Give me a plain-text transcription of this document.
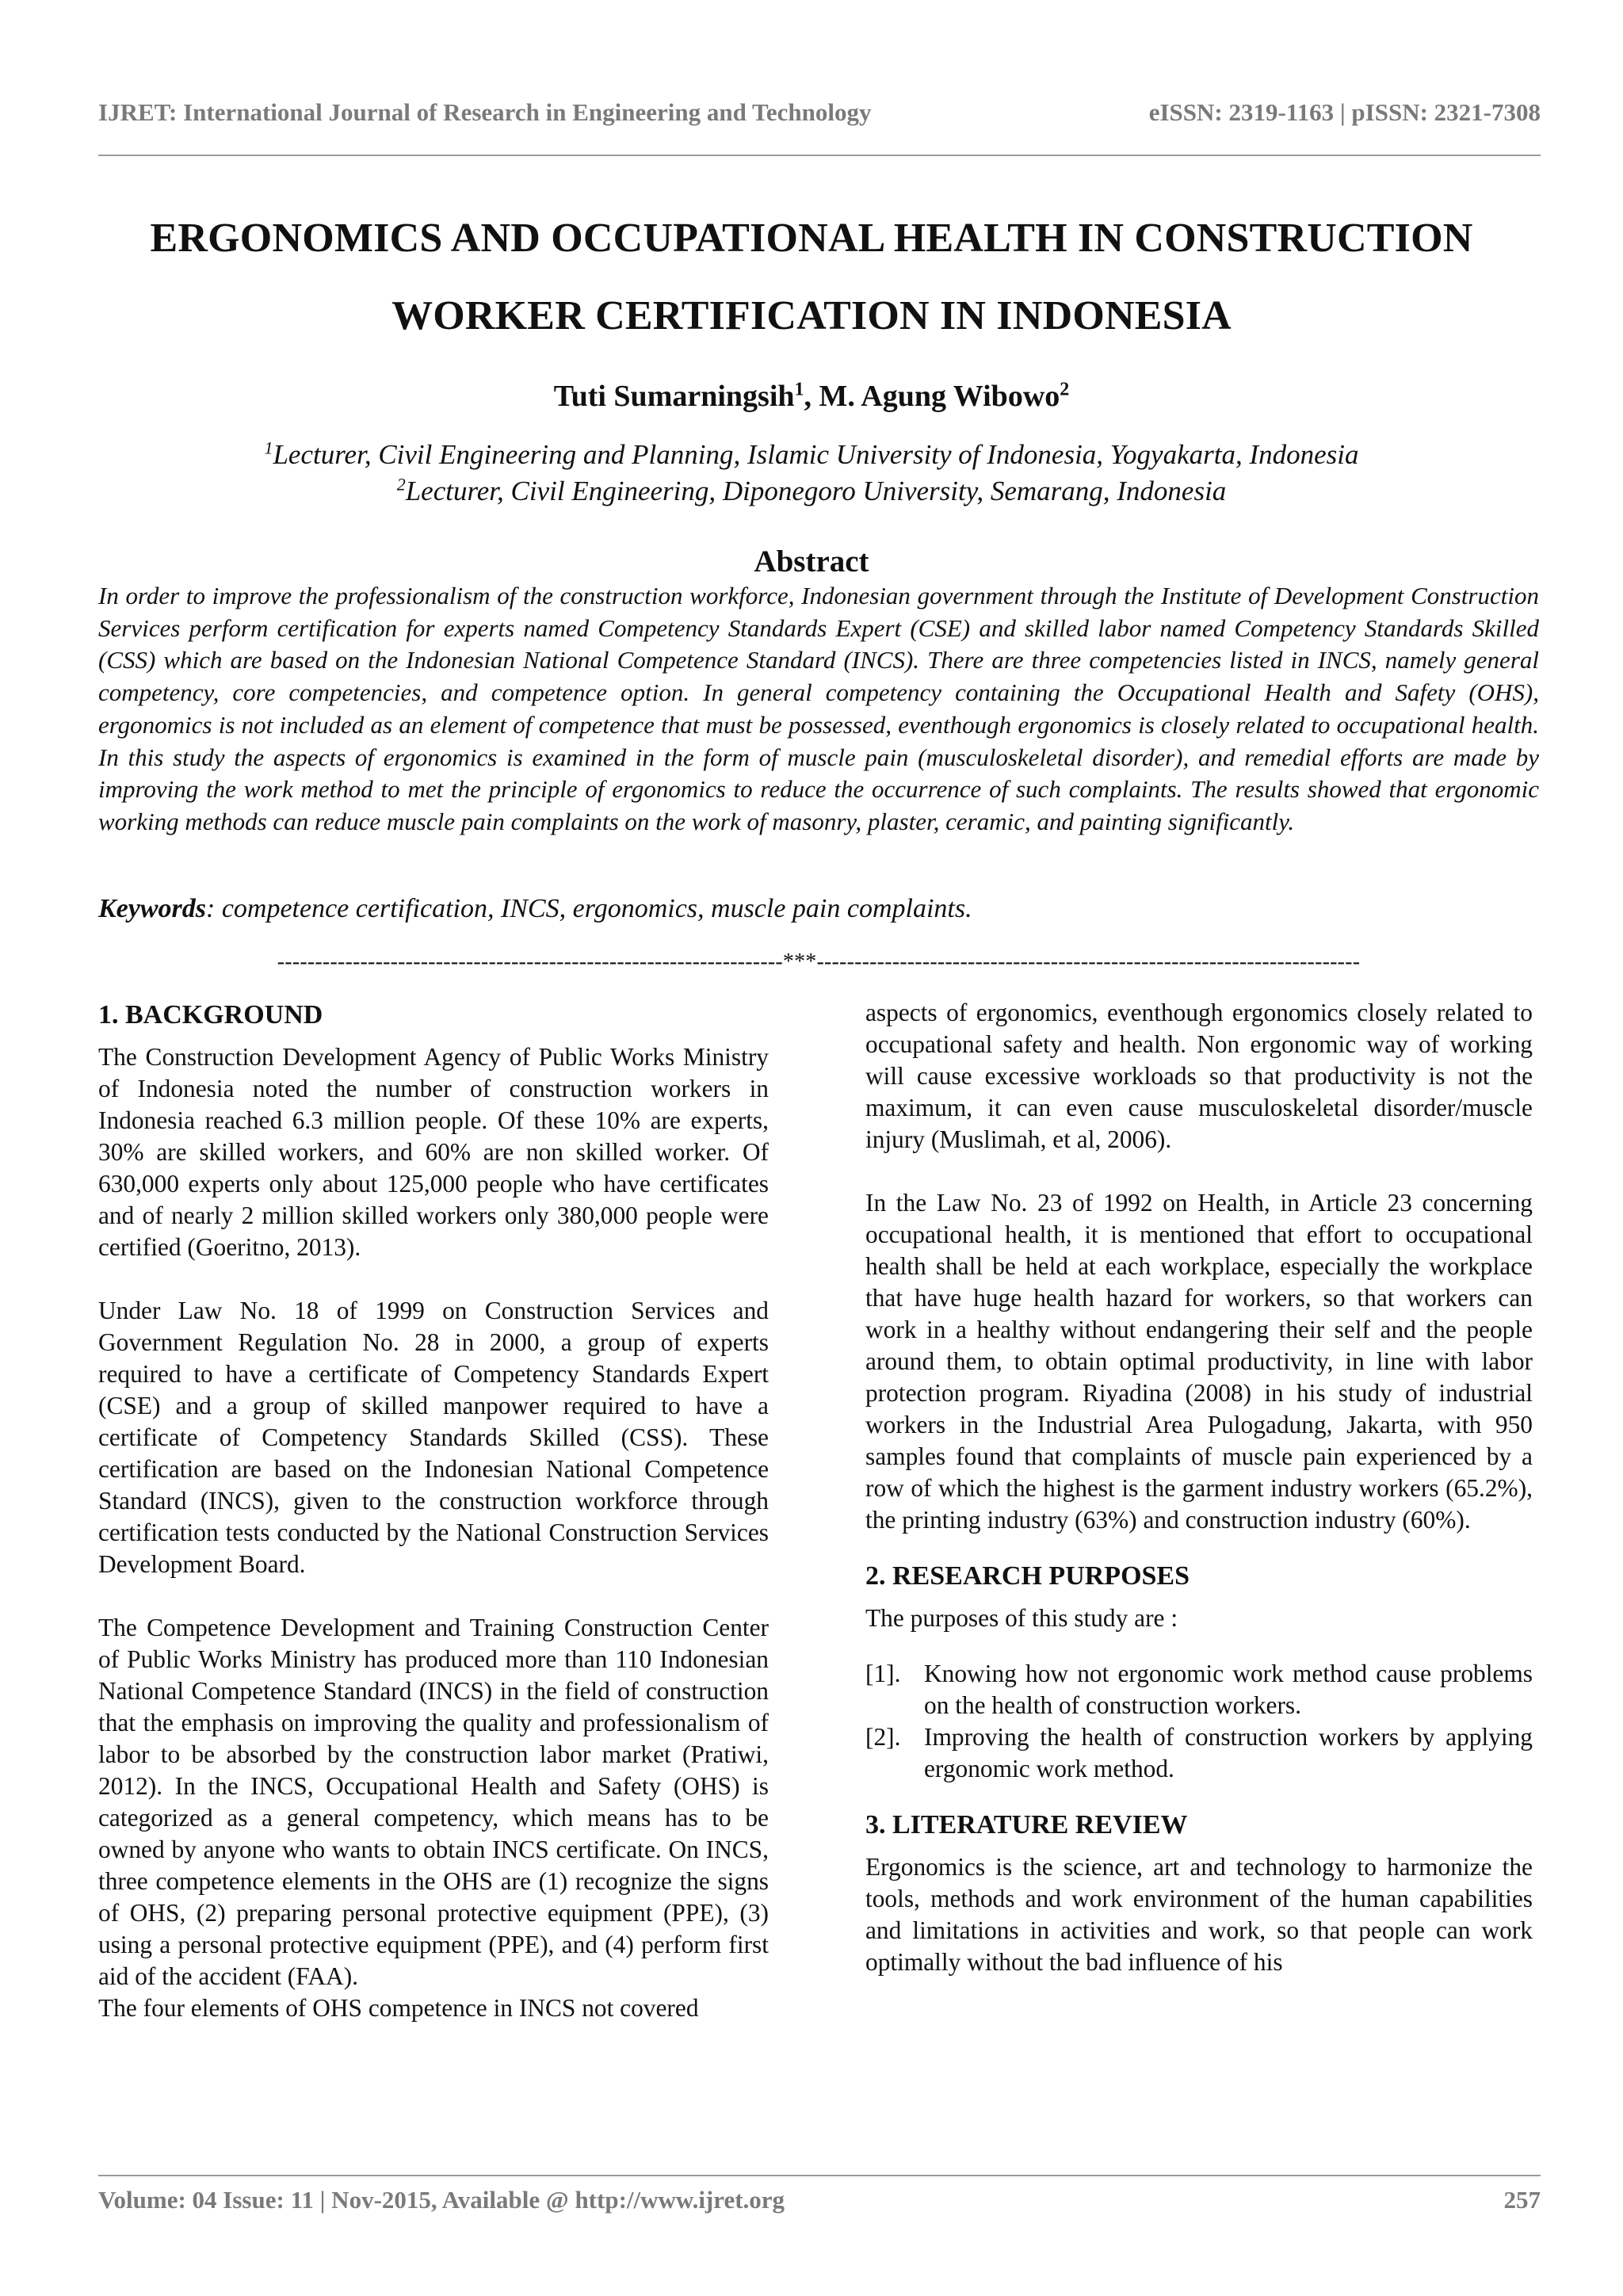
IJRET: International Journal of Research in Engineering and Technology	eISSN: 2319-1163 | pISSN: 2321-7308
ERGONOMICS AND OCCUPATIONAL HEALTH IN CONSTRUCTION
WORKER CERTIFICATION IN INDONESIA
Tuti Sumarningsih$^1$, M. Agung Wibowo$^2$
$^1$Lecturer, Civil Engineering and Planning, Islamic University of Indonesia, Yogyakarta, Indonesia
$^2$Lecturer, Civil Engineering, Diponegoro University, Semarang, Indonesia
Abstract
In order to improve the professionalism of the construction workforce, Indonesian government through the Institute of Development Construction Services perform certification for experts named Competency Standards Expert (CSE) and skilled labor named Competency Standards Skilled (CSS) which are based on the Indonesian National Competence Standard (INCS). There are three competencies listed in INCS, namely general competency, core competencies, and competence option. In general competency containing the Occupational Health and Safety (OHS), ergonomics is not included as an element of competence that must be possessed, eventhough ergonomics is closely related to occupational health. In this study the aspects of ergonomics is examined in the form of muscle pain (musculoskeletal disorder), and remedial efforts are made by improving the work method to met the principle of ergonomics to reduce the occurrence of such complaints. The results showed that ergonomic working methods can reduce muscle pain complaints on the work of masonry, plaster, ceramic, and painting significantly.
Keywords: competence certification, INCS, ergonomics, muscle pain complaints.
-------------------------------------------------------------------***------------------------------------------------------------------------
1. BACKGROUND

The Construction Development Agency of Public Works Ministry of Indonesia noted the number of construction workers in Indonesia reached 6.3 million people. Of these 10% are experts, 30% are skilled workers, and 60% are non skilled worker. Of 630,000 experts only about 125,000 people who have certificates and of nearly 2 million skilled workers only 380,000 people were certified (Goeritno, 2013).

Under Law No. 18 of 1999 on Construction Services and Government Regulation No. 28 in 2000, a group of experts required to have a certificate of Competency Standards Expert (CSE) and a group of skilled manpower required to have a certificate of Competency Standards Skilled (CSS). These certification are based on the Indonesian National Competence Standard (INCS), given to the construction workforce through certification tests conducted by the National Construction Services Development Board.

The Competence Development and Training Construction Center of Public Works Ministry has produced more than 110 Indonesian National Competence Standard (INCS) in the field of construction that the emphasis on improving the quality and professionalism of labor to be absorbed by the construction labor market (Pratiwi, 2012). In the INCS, Occupational Health and Safety (OHS) is categorized as a general competency, which means has to be owned by anyone who wants to obtain INCS certificate. On INCS, three competence elements in the OHS are (1) recognize the signs of OHS, (2) preparing personal protective equipment (PPE), (3) using a personal protective equipment (PPE), and (4) perform first aid of the accident (FAA).

The four elements of OHS competence in INCS not covered

aspects of ergonomics, eventhough ergonomics closely related to occupational safety and health. Non ergonomic way of working will cause excessive workloads so that productivity is not the maximum, it can even cause musculoskeletal disorder/muscle injury (Muslimah, et al, 2006).

In the Law No. 23 of 1992 on Health, in Article 23 concerning occupational health, it is mentioned that effort to occupational health shall be held at each workplace, especially the workplace that have huge health hazard for workers, so that workers can work in a healthy without endangering their self and the people around them, to obtain optimal productivity, in line with labor protection program. Riyadina (2008) in his study of industrial workers in the Industrial Area Pulogadung, Jakarta, with 950 samples found that complaints of muscle pain experienced by a row of which the highest is the garment industry workers (65.2%), the printing industry (63%) and construction industry (60%).

2. RESEARCH PURPOSES

The purposes of this study are :

[1]. Knowing how not ergonomic work method cause problems on the health of construction workers.
[2]. Improving the health of construction workers by applying ergonomic work method.
3. LITERATURE REVIEW

Ergonomics is the science, art and technology to harmonize the tools, methods and work environment of the human capabilities and limitations in activities and work, so that people can work optimally without the bad influence of his

Volume: 04 Issue: 11 | Nov-2015, Available @ http://www.ijret.org	257
